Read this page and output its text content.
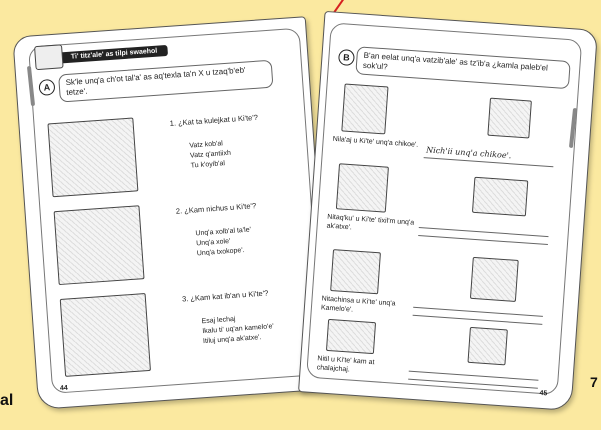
Ti' titz'ale' as tilpi swaehol
A
Sk'le unq'a ch'ot tal'a' as aq'texla ta'n X u tzaq'b'eb' tetze'.
1. ¿Kat ta kulejkat u Ki'te'?
Vatz kob'al
Vatz q'antiixh
Tu k'oyib'al
2. ¿Kam nichus u Ki'te'?
Unq'a xolb'al ta'le'
Unq'a xole'
Unq'a txokope'.
3. ¿Kam kat ib'an u Ki'te'?
Esaj lechaj
Ikalu ti' uq'an kamelo'e'
Itiluj unq'a ak'atxe'.
44
B	B'an eelat unq'a vatzib'ale' as tz'ib'a ¿kamla paleb'el sok'ul?
Nila'aj u Ki'te' unq'a chikoe'.
Nich'ii unq'a chikoe'.
Nitaq'ku' u Ki'te' tixil'm unq'a ak'atxe'.
Nitachinsa u Ki'te' unq'a Kamelo'e'.
Nitil u Ki'te' kam at chalajchaj.
45
al
7
